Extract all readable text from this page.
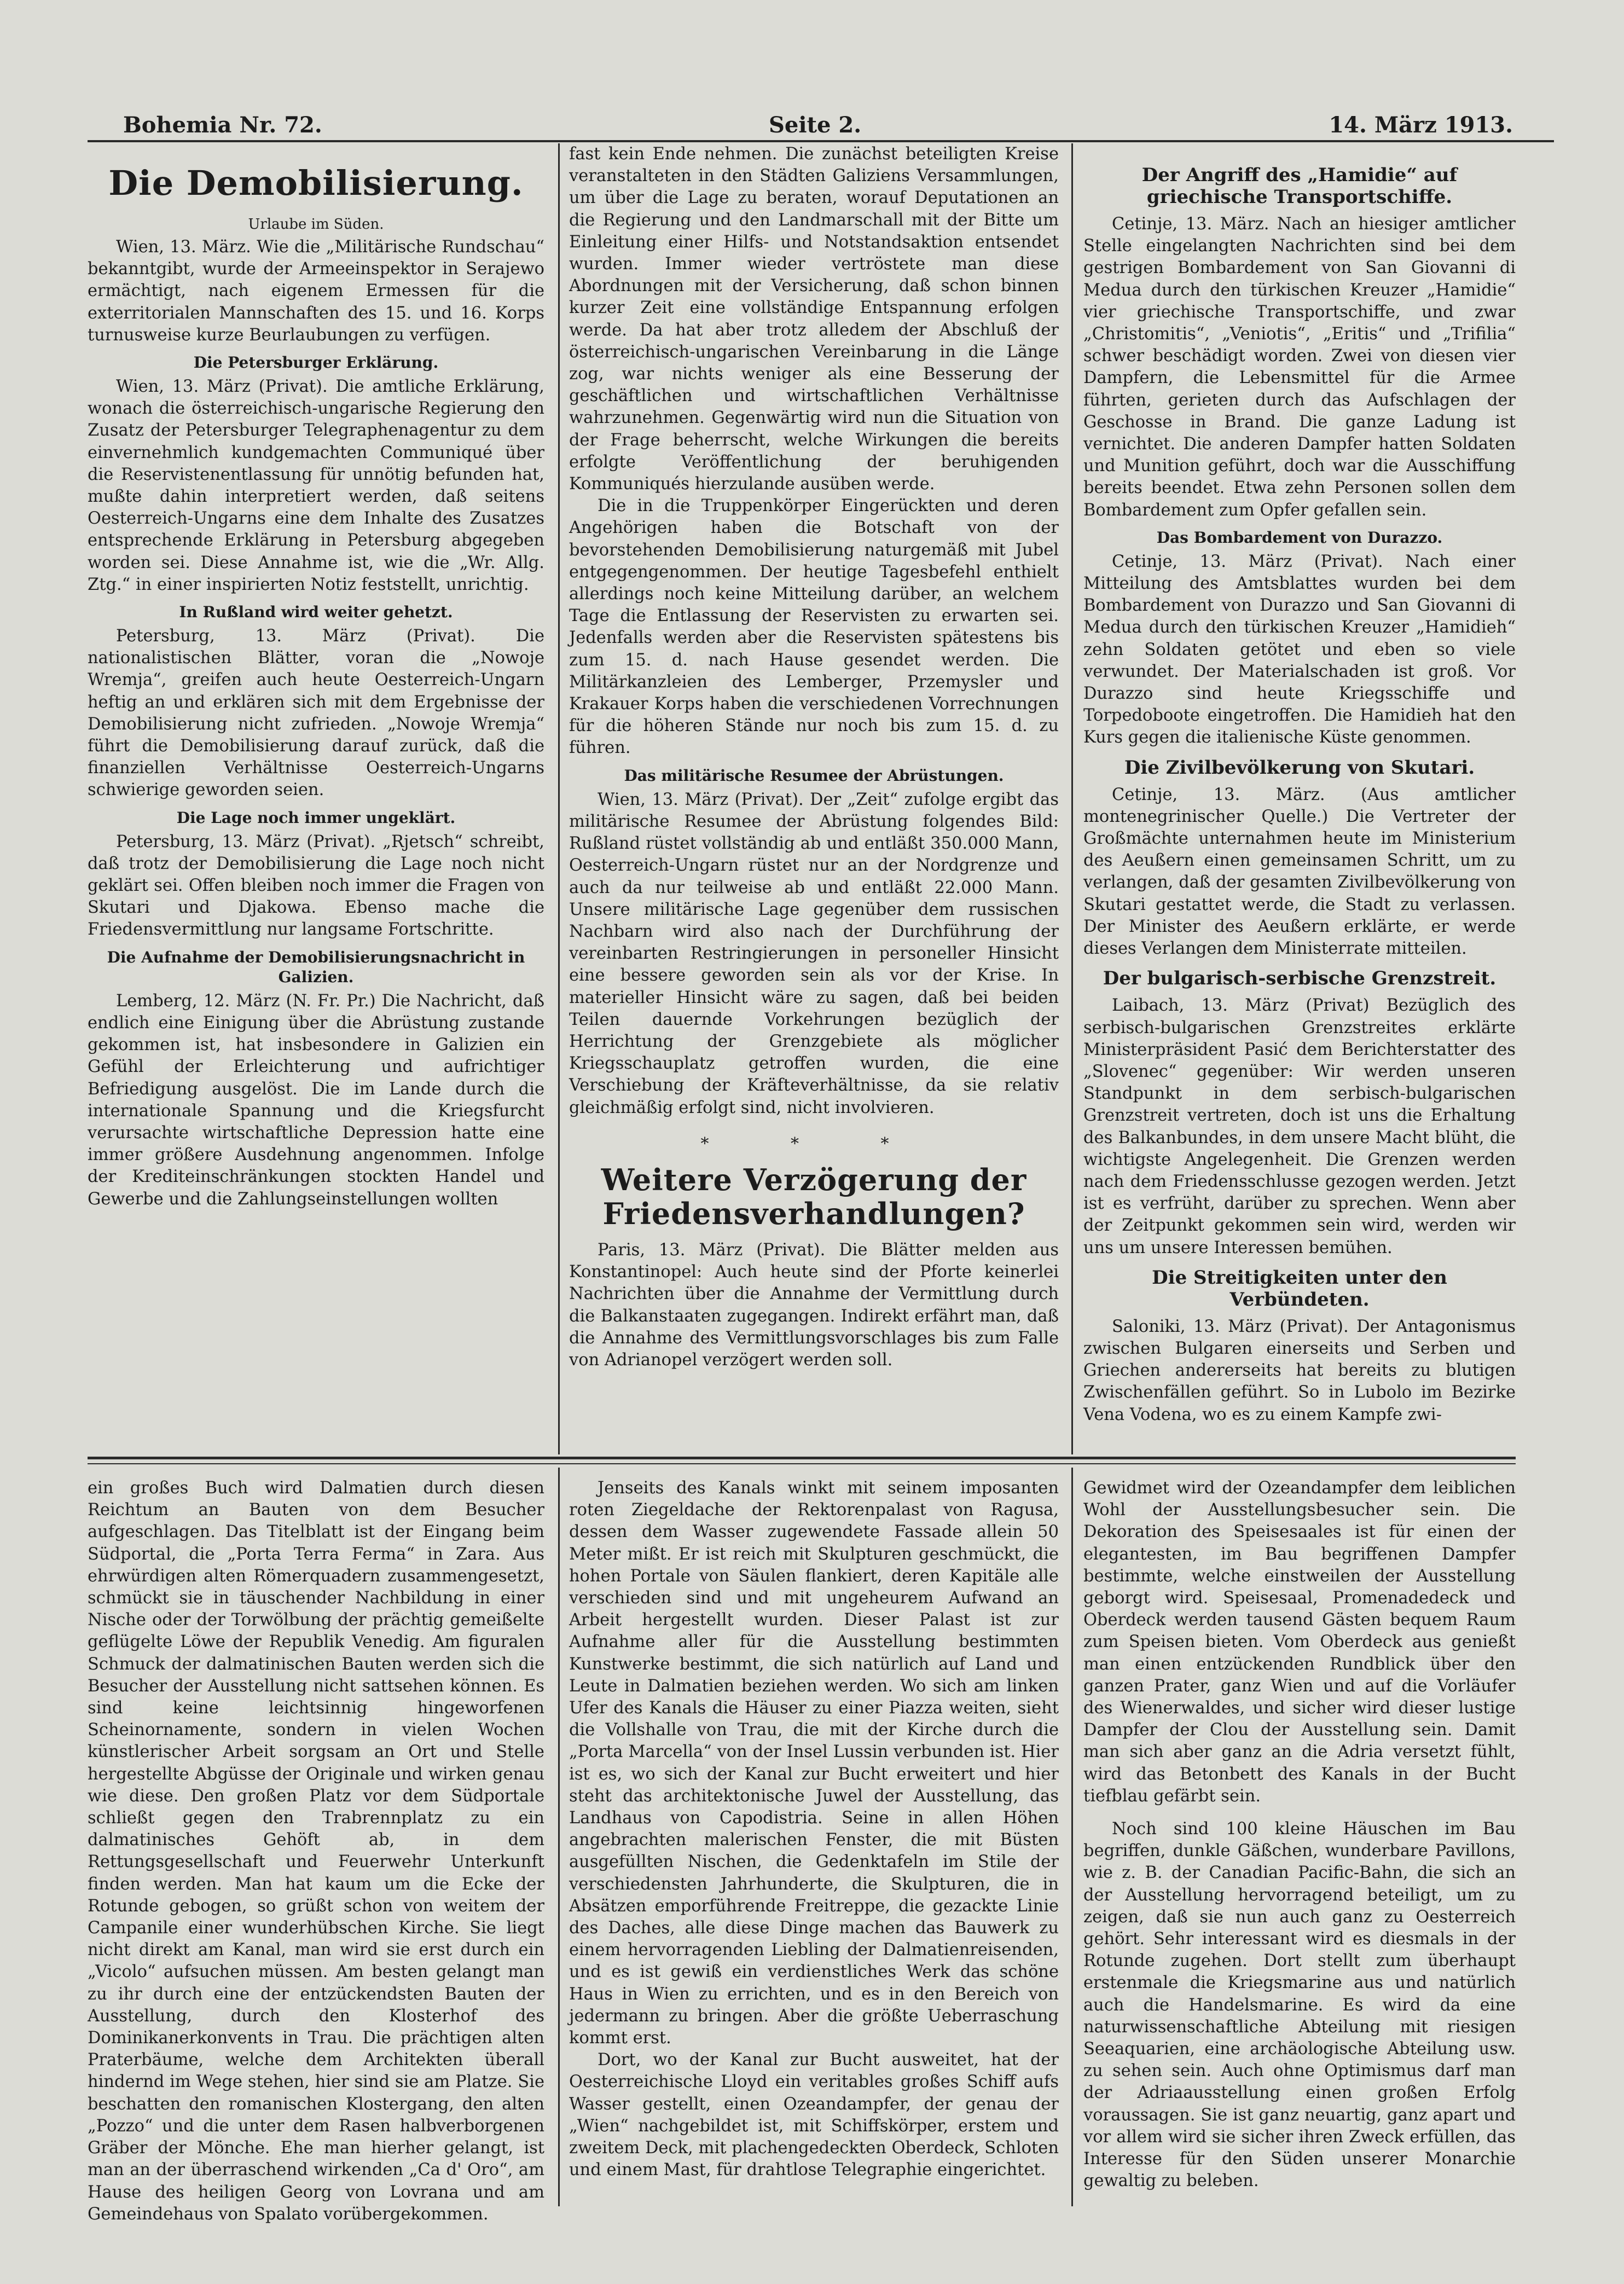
Bohemia Nr. 72.	Seite 2.	14. März 1913.
Die Demobilisierung.
Urlaube im Süden.

Wien, 13. März. Wie die „Militärische Rundschau“ bekanntgibt, wurde der Armeeinspektor in Serajewo ermächtigt, nach eigenem Ermessen für die exterritorialen Mannschaften des 15. und 16. Korps turnusweise kurze Beurlaubungen zu verfügen.

Die Petersburger Erklärung.

Wien, 13. März (Privat). Die amtliche Erklärung, wonach die österreichisch-ungarische Regierung den Zusatz der Petersburger Telegraphenagentur zu dem einvernehmlich kundgemachten Communiqué über die Reservistenentlassung für unnötig befunden hat, mußte dahin interpretiert werden, daß seitens Oesterreich-Ungarns eine dem Inhalte des Zusatzes entsprechende Erklärung in Petersburg abgegeben worden sei. Diese Annahme ist, wie die „Wr. Allg. Ztg.“ in einer inspirierten Notiz feststellt, unrichtig.

In Rußland wird weiter gehetzt.

Petersburg, 13. März (Privat). Die nationalistischen Blätter, voran die „Nowoje Wremja“, greifen auch heute Oesterreich-Ungarn heftig an und erklären sich mit dem Ergebnisse der Demobilisierung nicht zufrieden. „Nowoje Wremja“ führt die Demobilisierung darauf zurück, daß die finanziellen Verhältnisse Oesterreich-Ungarns schwierige geworden seien.

Die Lage noch immer ungeklärt.

Petersburg, 13. März (Privat). „Rjetsch“ schreibt, daß trotz der Demobilisierung die Lage noch nicht geklärt sei. Offen bleiben noch immer die Fragen von Skutari und Djakowa. Ebenso mache die Friedensvermittlung nur langsame Fortschritte.

Die Aufnahme der Demobilisierungsnachricht in Galizien.

Lemberg, 12. März (N. Fr. Pr.) Die Nachricht, daß endlich eine Einigung über die Abrüstung zustande gekommen ist, hat insbesondere in Galizien ein Gefühl der Erleichterung und aufrichtiger Befriedigung ausgelöst. Die im Lande durch die internationale Spannung und die Kriegsfurcht verursachte wirtschaftliche Depression hatte eine immer größere Ausdehnung angenommen. Infolge der Krediteinschränkungen stockten Handel und Gewerbe und die Zahlungseinstellungen wollten

fast kein Ende nehmen. Die zunächst beteiligten Kreise veranstalteten in den Städten Galiziens Versammlungen, um über die Lage zu beraten, worauf Deputationen an die Regierung und den Landmarschall mit der Bitte um Einleitung einer Hilfs- und Notstandsaktion entsendet wurden. Immer wieder vertröstete man diese Abordnungen mit der Versicherung, daß schon binnen kurzer Zeit eine vollständige Entspannung erfolgen werde. Da hat aber trotz alledem der Abschluß der österreichisch-ungarischen Vereinbarung in die Länge zog, war nichts weniger als eine Besserung der geschäftlichen und wirtschaftlichen Verhältnisse wahrzunehmen. Gegenwärtig wird nun die Situation von der Frage beherrscht, welche Wirkungen die bereits erfolgte Veröffentlichung der beruhigenden Kommuniqués hierzulande ausüben werde.

Die in die Truppenkörper Eingerückten und deren Angehörigen haben die Botschaft von der bevorstehenden Demobilisierung naturgemäß mit Jubel entgegengenommen. Der heutige Tagesbefehl enthielt allerdings noch keine Mitteilung darüber, an welchem Tage die Entlassung der Reservisten zu erwarten sei. Jedenfalls werden aber die Reservisten spätestens bis zum 15. d. nach Hause gesendet werden. Die Militärkanzleien des Lemberger, Przemysler und Krakauer Korps haben die verschiedenen Vorrechnungen für die höheren Stände nur noch bis zum 15. d. zu führen.

Das militärische Resumee der Abrüstungen.

Wien, 13. März (Privat). Der „Zeit“ zufolge ergibt das militärische Resumee der Abrüstung folgendes Bild: Rußland rüstet vollständig ab und entläßt 350.000 Mann, Oesterreich-Ungarn rüstet nur an der Nordgrenze und auch da nur teilweise ab und entläßt 22.000 Mann. Unsere militärische Lage gegenüber dem russischen Nachbarn wird also nach der Durchführung der vereinbarten Restringierungen in personeller Hinsicht eine bessere geworden sein als vor der Krise. In materieller Hinsicht wäre zu sagen, daß bei beiden Teilen dauernde Vorkehrungen bezüglich der Herrichtung der Grenzgebiete als möglicher Kriegsschauplatz getroffen wurden, die eine Verschiebung der Kräfteverhältnisse, da sie relativ gleichmäßig erfolgt sind, nicht involvieren.

* * *
Weitere Verzögerung der Friedensverhandlungen?

Paris, 13. März (Privat). Die Blätter melden aus Konstantinopel: Auch heute sind der Pforte keinerlei Nachrichten über die Annahme der Vermittlung durch die Balkanstaaten zugegangen. Indirekt erfährt man, daß die Annahme des Vermittlungsvorschlages bis zum Falle von Adrianopel verzögert werden soll.

Der Angriff des „Hamidie“ auf griechische Transportschiffe.

Cetinje, 13. März. Nach an hiesiger amtlicher Stelle eingelangten Nachrichten sind bei dem gestrigen Bombardement von San Giovanni di Medua durch den türkischen Kreuzer „Hamidie“ vier griechische Transportschiffe, und zwar „Christomitis“, „Veniotis“, „Eritis“ und „Trifilia“ schwer beschädigt worden. Zwei von diesen vier Dampfern, die Lebensmittel für die Armee führten, gerieten durch das Aufschlagen der Geschosse in Brand. Die ganze Ladung ist vernichtet. Die anderen Dampfer hatten Soldaten und Munition geführt, doch war die Ausschiffung bereits beendet. Etwa zehn Personen sollen dem Bombardement zum Opfer gefallen sein.

Das Bombardement von Durazzo.

Cetinje, 13. März (Privat). Nach einer Mitteilung des Amtsblattes wurden bei dem Bombardement von Durazzo und San Giovanni di Medua durch den türkischen Kreuzer „Hamidieh“ zehn Soldaten getötet und eben so viele verwundet. Der Materialschaden ist groß. Vor Durazzo sind heute Kriegsschiffe und Torpedoboote eingetroffen. Die Hamidieh hat den Kurs gegen die italienische Küste genommen.

Die Zivilbevölkerung von Skutari.

Cetinje, 13. März. (Aus amtlicher montenegrinischer Quelle.) Die Vertreter der Großmächte unternahmen heute im Ministerium des Aeußern einen gemeinsamen Schritt, um zu verlangen, daß der gesamten Zivilbevölkerung von Skutari gestattet werde, die Stadt zu verlassen. Der Minister des Aeußern erklärte, er werde dieses Verlangen dem Ministerrate mitteilen.

Der bulgarisch-serbische Grenzstreit.

Laibach, 13. März (Privat) Bezüglich des serbisch-bulgarischen Grenzstreites erklärte Ministerpräsident Pasić dem Berichterstatter des „Slovenec“ gegenüber: Wir werden unseren Standpunkt in dem serbisch-bulgarischen Grenzstreit vertreten, doch ist uns die Erhaltung des Balkanbundes, in dem unsere Macht blüht, die wichtigste Angelegenheit. Die Grenzen werden nach dem Friedensschlusse gezogen werden. Jetzt ist es verfrüht, darüber zu sprechen. Wenn aber der Zeitpunkt gekommen sein wird, werden wir uns um unsere Interessen bemühen.

Die Streitigkeiten unter den Verbündeten.

Saloniki, 13. März (Privat). Der Antagonismus zwischen Bulgaren einerseits und Serben und Griechen andererseits hat bereits zu blutigen Zwischenfällen geführt. So in Lubolo im Bezirke Vena Vodena, wo es zu einem Kampfe zwi-

ein großes Buch wird Dalmatien durch diesen Reichtum an Bauten von dem Besucher aufgeschlagen. Das Titelblatt ist der Eingang beim Südportal, die „Porta Terra Ferma“ in Zara. Aus ehrwürdigen alten Römerquadern zusammengesetzt, schmückt sie in täuschender Nachbildung in einer Nische oder der Torwölbung der prächtig gemeißelte geflügelte Löwe der Republik Venedig. Am figuralen Schmuck der dalmatinischen Bauten werden sich die Besucher der Ausstellung nicht sattsehen können. Es sind keine leichtsinnig hingeworfenen Scheinornamente, sondern in vielen Wochen künstlerischer Arbeit sorgsam an Ort und Stelle hergestellte Abgüsse der Originale und wirken genau wie diese. Den großen Platz vor dem Südportale schließt gegen den Trabrennplatz zu ein dalmatinisches Gehöft ab, in dem Rettungsgesellschaft und Feuerwehr Unterkunft finden werden. Man hat kaum um die Ecke der Rotunde gebogen, so grüßt schon von weitem der Campanile einer wunderhübschen Kirche. Sie liegt nicht direkt am Kanal, man wird sie erst durch ein „Vicolo“ aufsuchen müssen. Am besten gelangt man zu ihr durch eine der entzückendsten Bauten der Ausstellung, durch den Klosterhof des Dominikanerkonvents in Trau. Die prächtigen alten Praterbäume, welche dem Architekten überall hindernd im Wege stehen, hier sind sie am Platze. Sie beschatten den romanischen Klostergang, den alten „Pozzo“ und die unter dem Rasen halbverborgenen Gräber der Mönche. Ehe man hierher gelangt, ist man an der überraschend wirkenden „Ca d' Oro“, am Hause des heiligen Georg von Lovrana und am Gemeindehaus von Spalato vorübergekommen.

Jenseits des Kanals winkt mit seinem imposanten roten Ziegeldache der Rektorenpalast von Ragusa, dessen dem Wasser zugewendete Fassade allein 50 Meter mißt. Er ist reich mit Skulpturen geschmückt, die hohen Portale von Säulen flankiert, deren Kapitäle alle verschieden sind und mit ungeheurem Aufwand an Arbeit hergestellt wurden. Dieser Palast ist zur Aufnahme aller für die Ausstellung bestimmten Kunstwerke bestimmt, die sich natürlich auf Land und Leute in Dalmatien beziehen werden. Wo sich am linken Ufer des Kanals die Häuser zu einer Piazza weiten, sieht die Vollshalle von Trau, die mit der Kirche durch die „Porta Marcella“ von der Insel Lussin verbunden ist. Hier ist es, wo sich der Kanal zur Bucht erweitert und hier steht das architektonische Juwel der Ausstellung, das Landhaus von Capodistria. Seine in allen Höhen angebrachten malerischen Fenster, die mit Büsten ausgefüllten Nischen, die Gedenktafeln im Stile der verschiedensten Jahrhunderte, die Skulpturen, die in Absätzen emporführende Freitreppe, die gezackte Linie des Daches, alle diese Dinge machen das Bauwerk zu einem hervorragenden Liebling der Dalmatienreisenden, und es ist gewiß ein verdienstliches Werk das schöne Haus in Wien zu errichten, und es in den Bereich von jedermann zu bringen. Aber die größte Ueberraschung kommt erst.

Dort, wo der Kanal zur Bucht ausweitet, hat der Oesterreichische Lloyd ein veritables großes Schiff aufs Wasser gestellt, einen Ozeandampfer, der genau der „Wien“ nachgebildet ist, mit Schiffskörper, erstem und zweitem Deck, mit plachengedeckten Oberdeck, Schloten und einem Mast, für drahtlose Telegraphie eingerichtet.

Gewidmet wird der Ozeandampfer dem leiblichen Wohl der Ausstellungsbesucher sein. Die Dekoration des Speisesaales ist für einen der elegantesten, im Bau begriffenen Dampfer bestimmte, welche einstweilen der Ausstellung geborgt wird. Speisesaal, Promenadedeck und Oberdeck werden tausend Gästen bequem Raum zum Speisen bieten. Vom Oberdeck aus genießt man einen entzückenden Rundblick über den ganzen Prater, ganz Wien und auf die Vorläufer des Wienerwaldes, und sicher wird dieser lustige Dampfer der Clou der Ausstellung sein. Damit man sich aber ganz an die Adria versetzt fühlt, wird das Betonbett des Kanals in der Bucht tiefblau gefärbt sein.

Noch sind 100 kleine Häuschen im Bau begriffen, dunkle Gäßchen, wunderbare Pavillons, wie z. B. der Canadian Pacific-Bahn, die sich an der Ausstellung hervorragend beteiligt, um zu zeigen, daß sie nun auch ganz zu Oesterreich gehört. Sehr interessant wird es diesmals in der Rotunde zugehen. Dort stellt zum überhaupt erstenmale die Kriegsmarine aus und natürlich auch die Handelsmarine. Es wird da eine naturwissenschaftliche Abteilung mit riesigen Seeaquarien, eine archäologische Abteilung usw. zu sehen sein. Auch ohne Optimismus darf man der Adriaausstellung einen großen Erfolg voraussagen. Sie ist ganz neuartig, ganz apart und vor allem wird sie sicher ihren Zweck erfüllen, das Interesse für den Süden unserer Monarchie gewaltig zu beleben.
